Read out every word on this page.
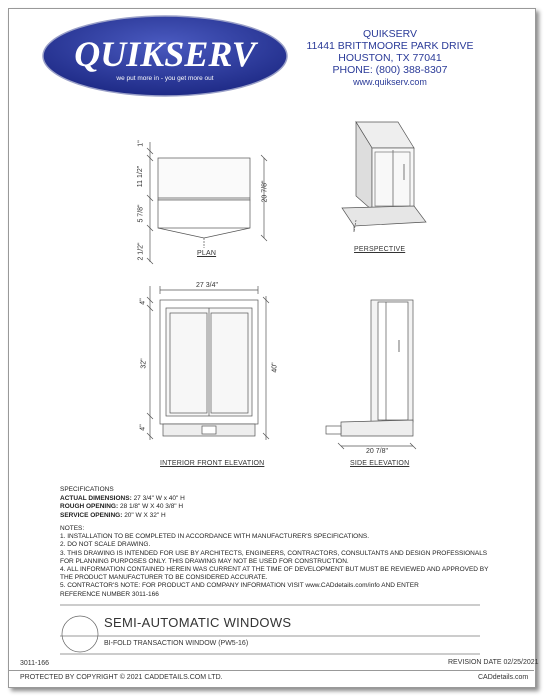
QUIKSERV
we put more in - you get more out
QUIKSERV
11441 BRITTMOORE PARK DRIVE
HOUSTON, TX 77041
PHONE: (800) 388-8307
www.quikserv.com
1"
11 1/2"
5 7/8"
2 1/2"
20 7/8"
PLAN
PERSPECTIVE
27 3/4"
4"
32"
4"
40"
INTERIOR FRONT ELEVATION
20 7/8"
SIDE ELEVATION
SPECIFICATIONS
ACTUAL DIMENSIONS: 27 3/4" W x 40" H
ROUGH OPENING: 28 1/8" W X 40 3/8" H
SERVICE OPENING: 20" W X 32" H
NOTES:
1. INSTALLATION TO BE COMPLETED IN ACCORDANCE WITH MANUFACTURER'S SPECIFICATIONS.
2. DO NOT SCALE DRAWING.
3. THIS DRAWING IS INTENDED FOR USE BY ARCHITECTS, ENGINEERS, CONTRACTORS, CONSULTANTS AND DESIGN PROFESSIONALS
FOR PLANNING PURPOSES ONLY. THIS DRAWING MAY NOT BE USED FOR CONSTRUCTION.
4. ALL INFORMATION CONTAINED HEREIN WAS CURRENT AT THE TIME OF DEVELOPMENT BUT MUST BE REVIEWED AND APPROVED BY
THE PRODUCT MANUFACTURER TO BE CONSIDERED ACCURATE.
5. CONTRACTOR'S NOTE: FOR PRODUCT AND COMPANY INFORMATION VISIT www.CADdetails.com/info AND ENTER
REFERENCE NUMBER 3011-166
SEMI-AUTOMATIC WINDOWS
BI-FOLD TRANSACTION WINDOW (PW5-16)
3011-166	REVISION DATE 02/25/2021
PROTECTED BY COPYRIGHT © 2021 CADDETAILS.COM LTD.	CADdetails.com
